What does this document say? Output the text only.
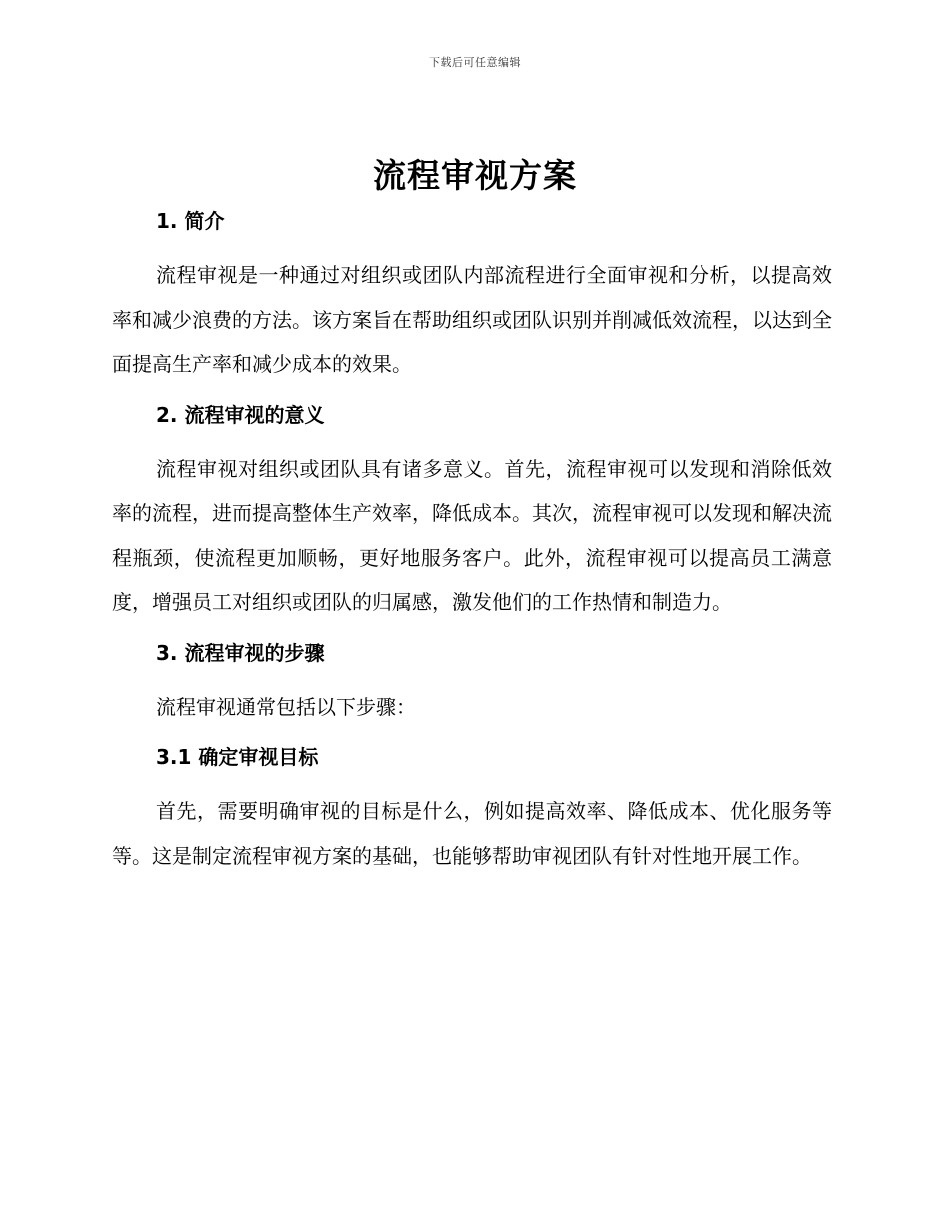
下载后可任意编辑
流程审视方案
1. 简介

流程审视是一种通过对组织或团队内部流程进行全面审视和分析，以提高效率和减少浪费的方法。该方案旨在帮助组织或团队识别并削减低效流程，以达到全面提高生产率和减少成本的效果。

2. 流程审视的意义

流程审视对组织或团队具有诸多意义。首先，流程审视可以发现和消除低效率的流程，进而提高整体生产效率，降低成本。其次，流程审视可以发现和解决流程瓶颈，使流程更加顺畅，更好地服务客户。此外，流程审视可以提高员工满意度，增强员工对组织或团队的归属感，激发他们的工作热情和制造力。

3. 流程审视的步骤

流程审视通常包括以下步骤：

3.1 确定审视目标

首先，需要明确审视的目标是什么，例如提高效率、降低成本、优化服务等等。这是制定流程审视方案的基础，也能够帮助审视团队有针对性地开展工作。
